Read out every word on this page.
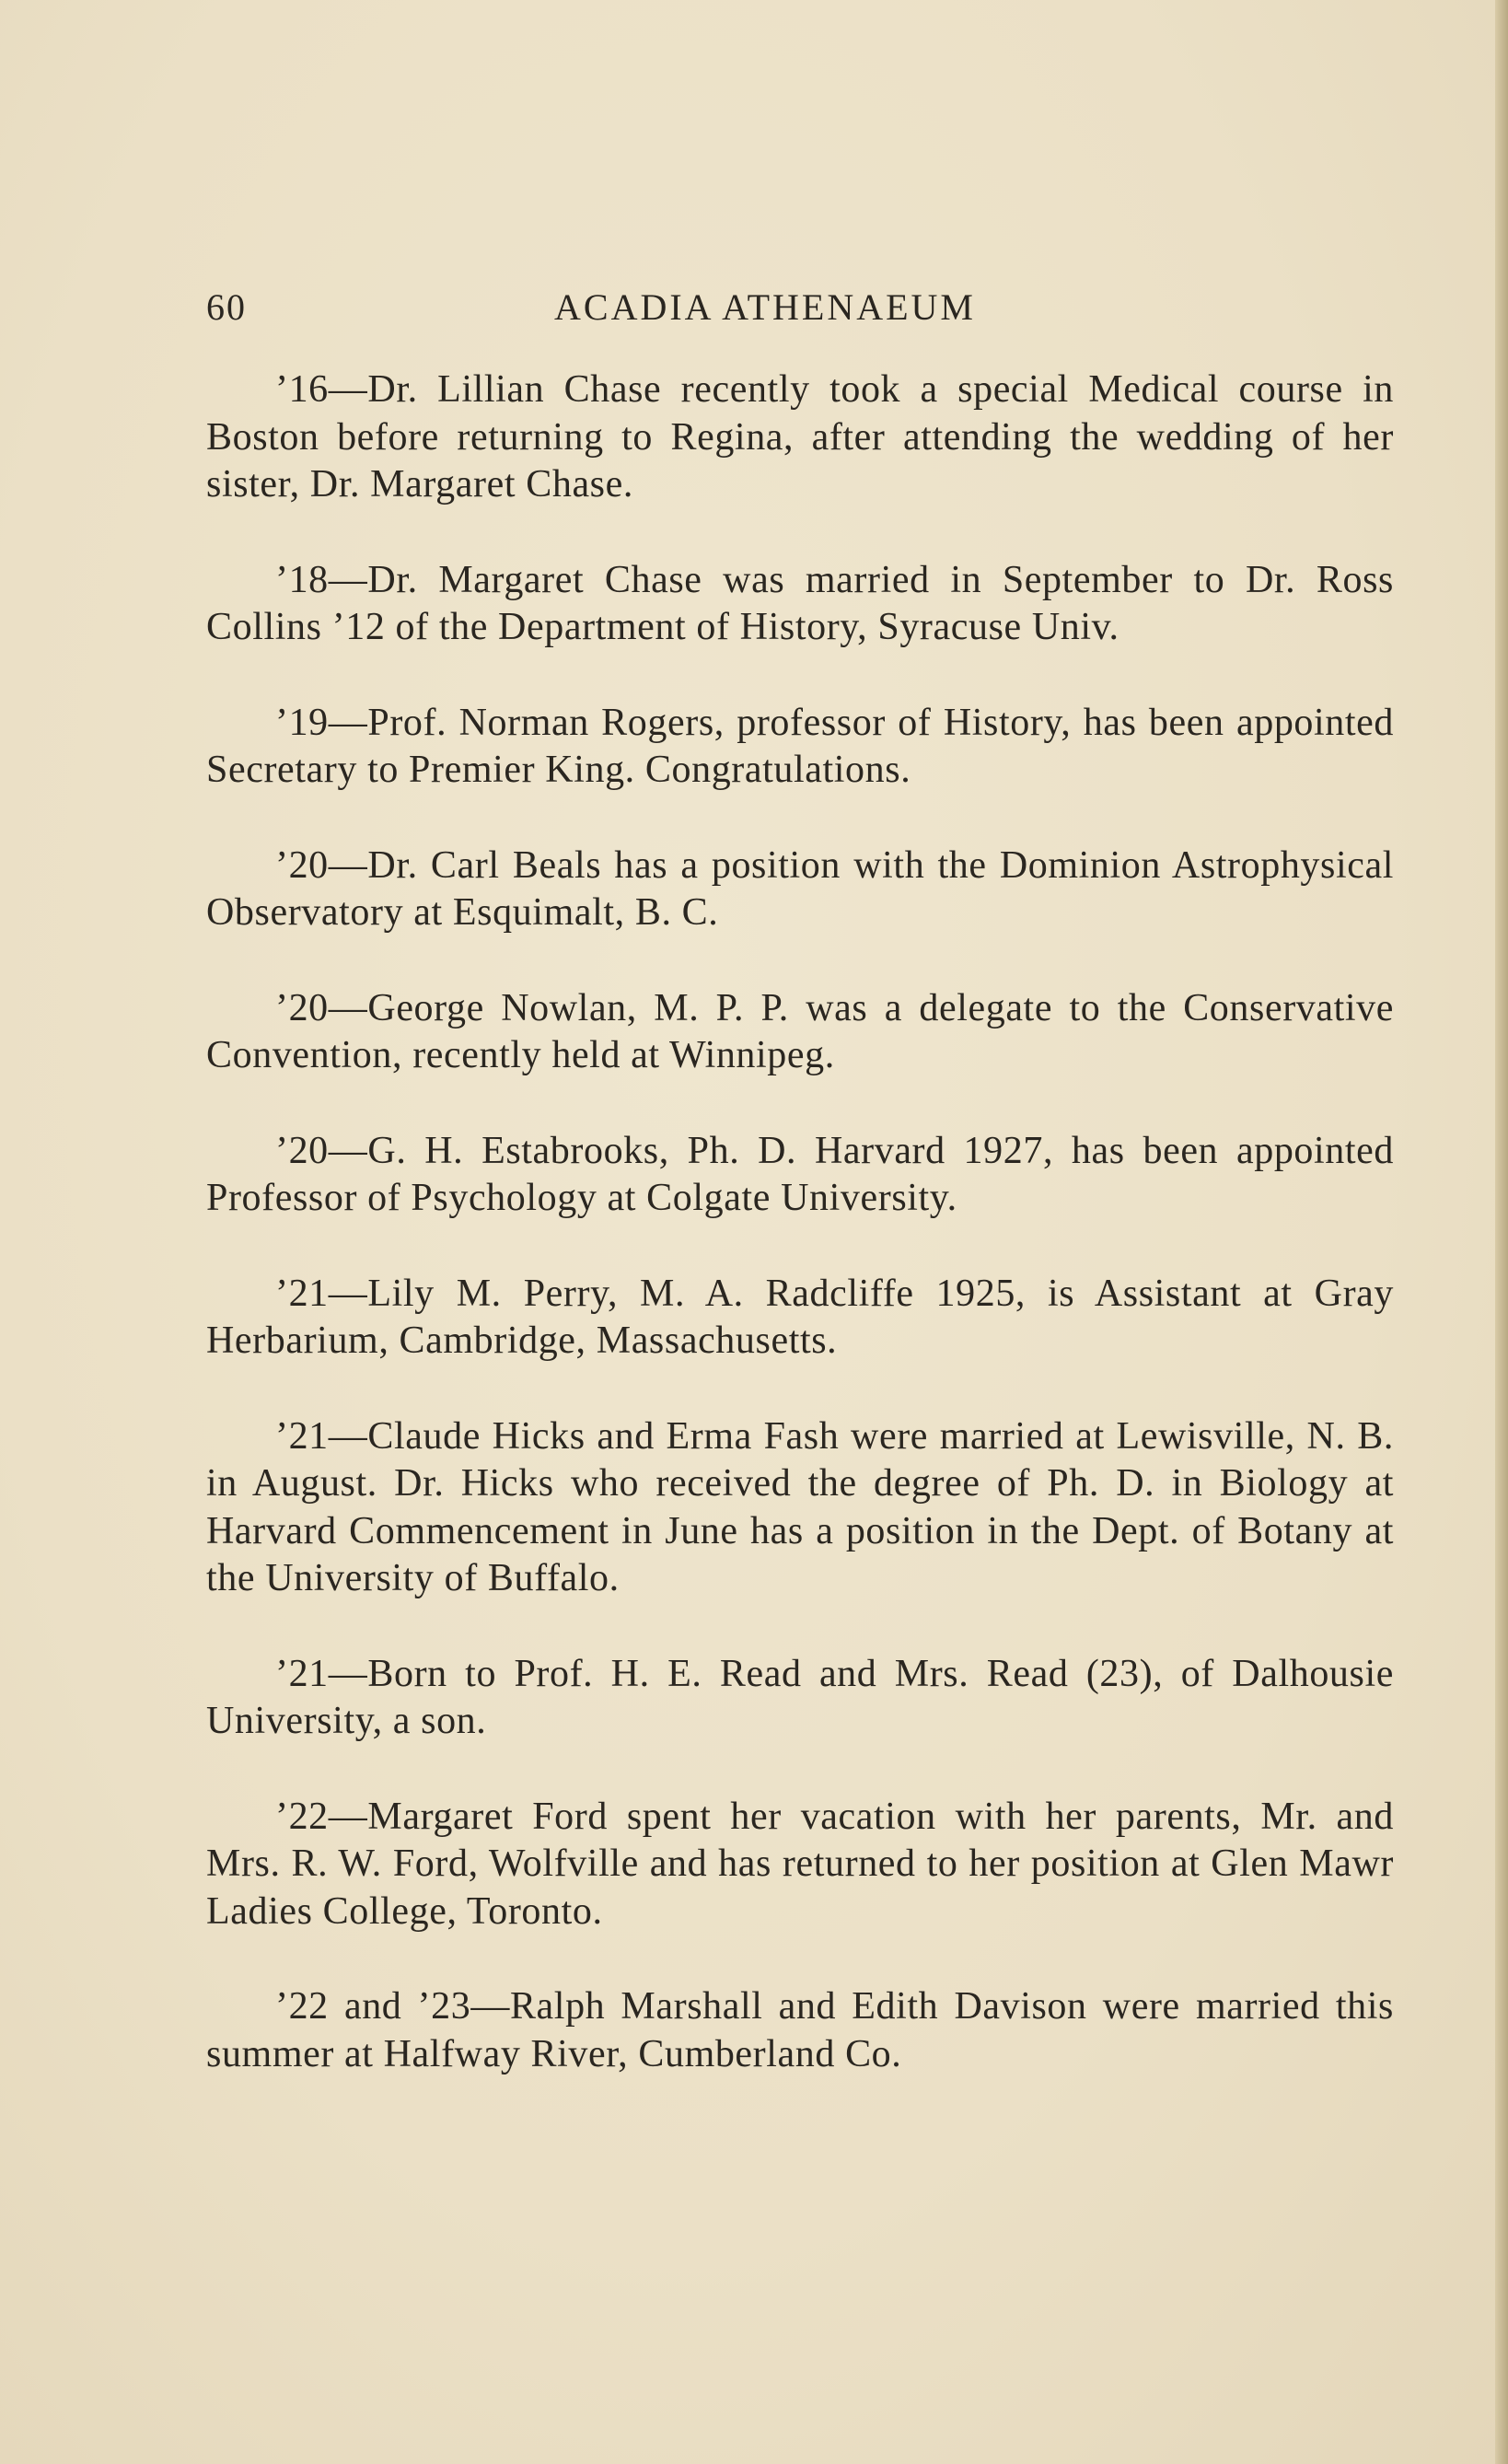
60	ACADIA ATHENAEUM

’16—Dr. Lillian Chase recently took a special Medical course in Boston before returning to Regina, after attending the wedding of her sister, Dr. Margaret Chase.

’18—Dr. Margaret Chase was married in September to Dr. Ross Collins ’12 of the Department of History, Syracuse Univ.

’19—Prof. Norman Rogers, professor of History, has been appointed Secretary to Premier King. Congratulations.

’20—Dr. Carl Beals has a position with the Dominion Astrophysical Observatory at Esquimalt, B. C.

’20—George Nowlan, M. P. P. was a delegate to the Conservative Convention, recently held at Winnipeg.

’20—G. H. Estabrooks, Ph. D. Harvard 1927, has been appointed Professor of Psychology at Colgate University.

’21—Lily M. Perry, M. A. Radcliffe 1925, is Assistant at Gray Herbarium, Cambridge, Massachusetts.

’21—Claude Hicks and Erma Fash were married at Lewisville, N. B. in August. Dr. Hicks who received the degree of Ph. D. in Biology at Harvard Commencement in June has a position in the Dept. of Botany at the University of Buffalo.

’21—Born to Prof. H. E. Read and Mrs. Read (23), of Dalhousie University, a son.

’22—Margaret Ford spent her vacation with her parents, Mr. and Mrs. R. W. Ford, Wolfville and has returned to her position at Glen Mawr Ladies College, Toronto.

’22 and ’23—Ralph Marshall and Edith Davison were married this summer at Halfway River, Cumberland Co.
